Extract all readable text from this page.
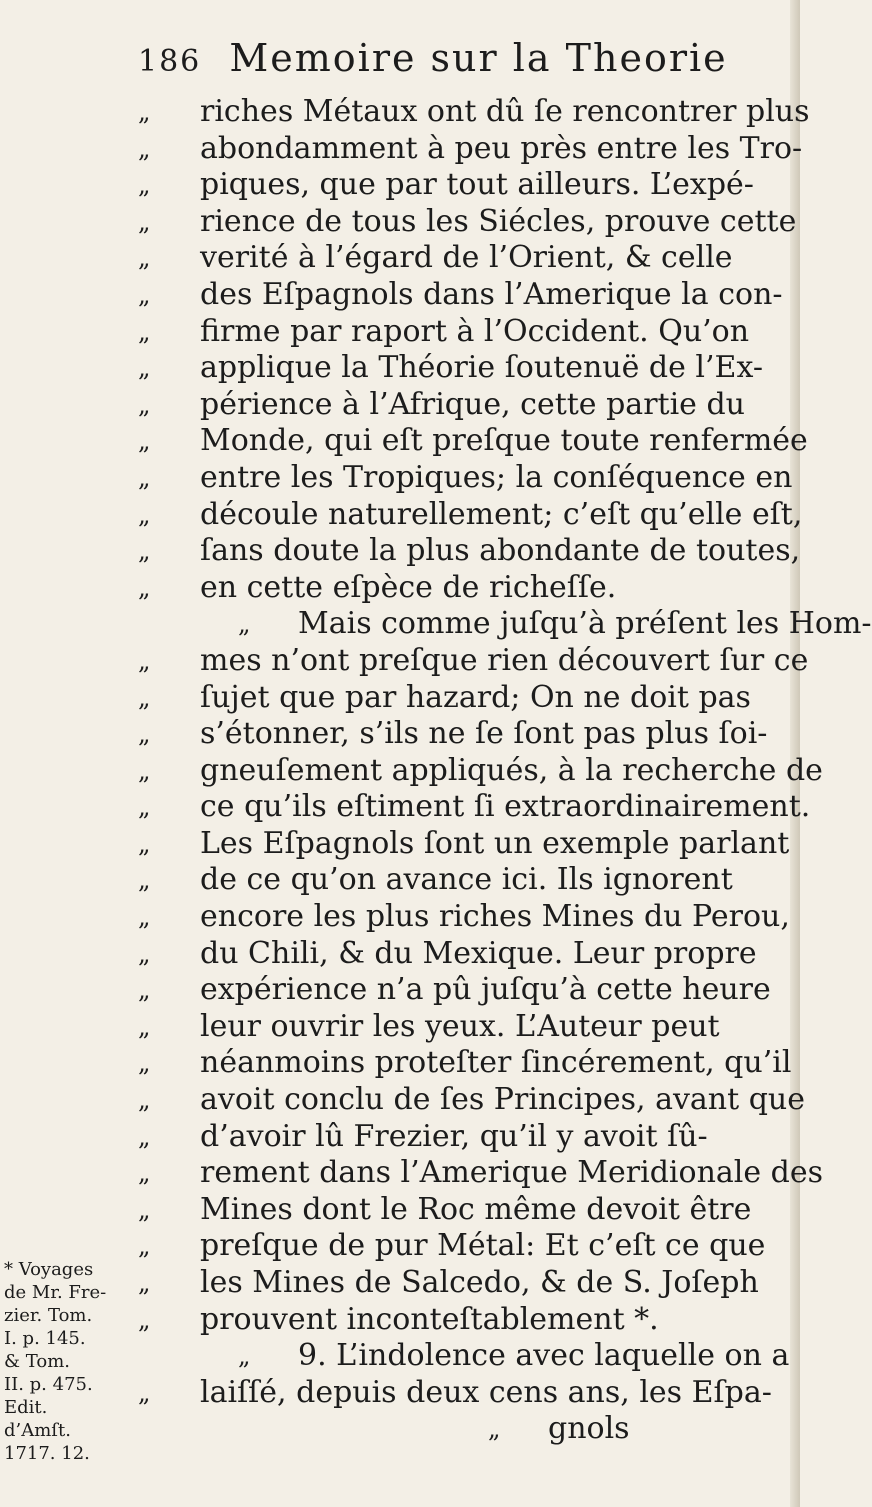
186 Memoire sur la Theorie
„	riches Métaux ont dû ſe rencontrer plus
„	abondamment à peu près entre les Tro-
„	piques, que par tout ailleurs. L’expé-
„	rience de tous les Siécles, prouve cette
„	verité à l’égard de l’Orient, & celle
„	des Eſpagnols dans l’Amerique la con-
„	firme par raport à l’Occident. Qu’on
„	applique la Théorie ſoutenuë de l’Ex-
„	périence à l’Afrique, cette partie du
„	Monde, qui eſt preſque toute renfermée
„	entre les Tropiques; la conſéquence en
„	découle naturellement; c’eſt qu’elle eſt,
„	ſans doute la plus abondante de toutes,
„	en cette eſpèce de richeſſe.
„	Mais comme juſqu’à préſent les Hom-
„	mes n’ont preſque rien découvert ſur ce
„	ſujet que par hazard; On ne doit pas
„	s’étonner, s’ils ne ſe ſont pas plus ſoi-
„	gneuſement appliqués, à la recherche de
„	ce qu’ils eſtiment ſi extraordinairement.
„	Les Eſpagnols ſont un exemple parlant
„	de ce qu’on avance ici. Ils ignorent
„	encore les plus riches Mines du Perou,
„	du Chili, & du Mexique. Leur propre
„	expérience n’a pû juſqu’à cette heure
„	leur ouvrir les yeux. L’Auteur peut
„	néanmoins proteſter ſincérement, qu’il
„	avoit conclu de ſes Principes, avant que
„	d’avoir lû Frezier, qu’il y avoit ſû-
„	rement dans l’Amerique Meridionale des
„	Mines dont le Roc même devoit être
„	preſque de pur Métal: Et c’eſt ce que
„	les Mines de Salcedo, & de S. Joſeph
„	prouvent inconteſtablement *.
„	9. L’indolence avec laquelle on a
„	laiſſé, depuis deux cens ans, les Eſpa-
„	gnols
* Voyages
de Mr. Fre-
zier. Tom.
I. p. 145.
& Tom.
II. p. 475.
Edit.
d’Amſt.
1717. 12.
